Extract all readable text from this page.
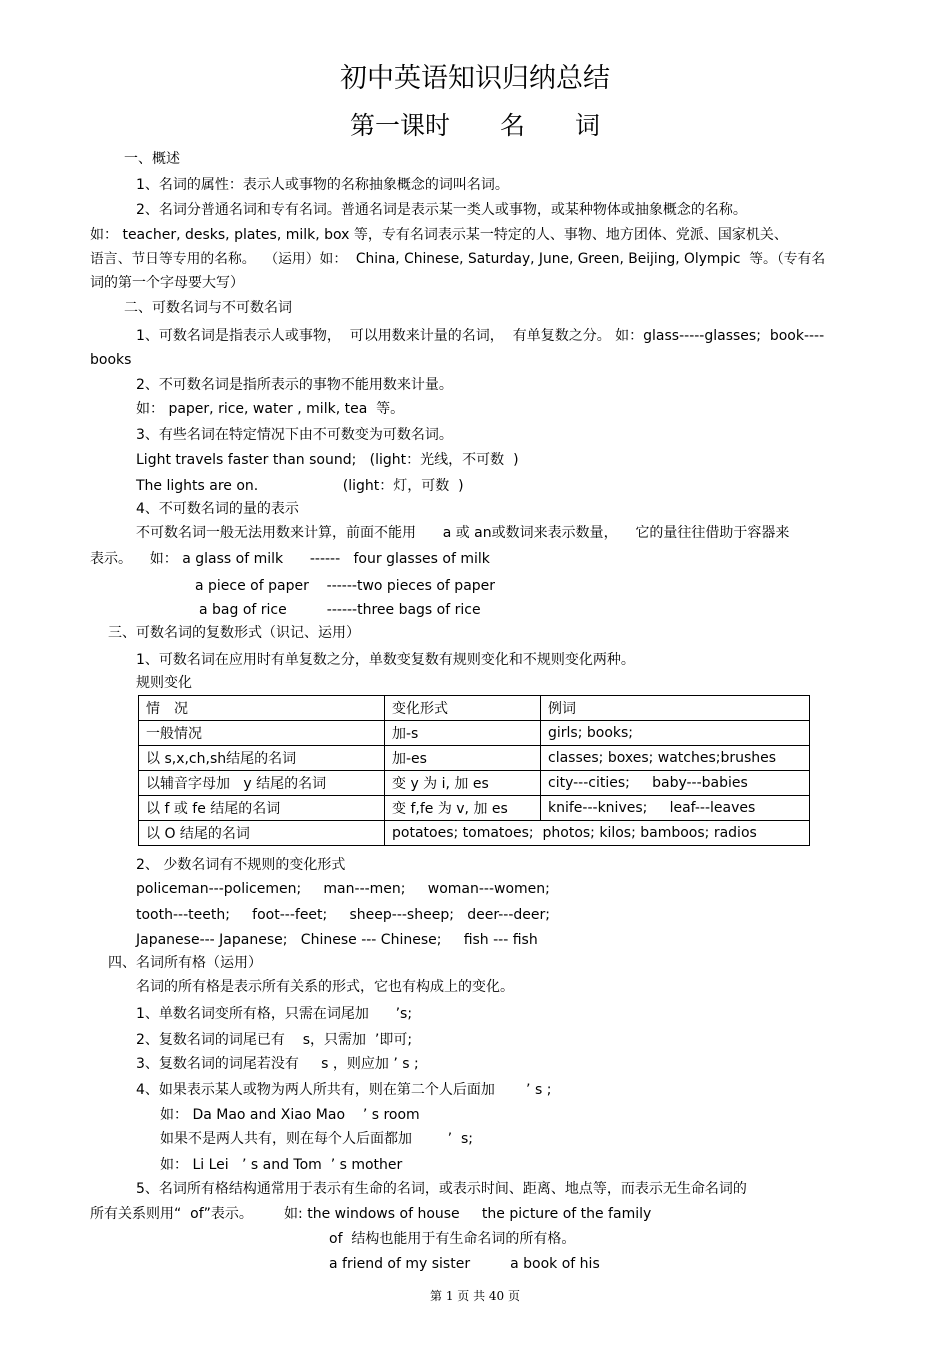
初中英语知识归纳总结
第一课时　　名　　词
一、概述
1、名词的属性：表示人或事物的名称抽象概念的词叫名词。
2、名词分普通名词和专有名词。普通名词是表示某一类人或事物，或某种物体或抽象概念的名称。
如： teacher, desks, plates, milk, box 等，专有名词表示某一特定的人、事物、地方团体、党派、国家机关、
语言、节日等专用的名称。  （运用）如：  China, Chinese, Saturday, June, Green, Beijing, Olympic  等。（专有名
词的第一个字母要大写）
二、可数名词与不可数名词
1、可数名词是指表示人或事物，  可以用数来计量的名词，  有单复数之分。 如：glass-----glasses;  book----
books
2、不可数名词是指所表示的事物不能用数来计量。
如： paper, rice, water , milk, tea  等。
3、有些名词在特定情况下由不可数变为可数名词。
Light travels faster than sound;   (light：光线，不可数  )
The lights are on.                   (light：灯，可数  )
4、不可数名词的量的表示
不可数名词一般无法用数来计算，前面不能用      a 或 an或数词来表示数量，    它的量往往借助于容器来
表示。    如： a glass of milk      ------   four glasses of milk
a piece of paper    ------two pieces of paper
a bag of rice         ------three bags of rice
三、可数名词的复数形式（识记、运用）
1、可数名词在应用时有单复数之分，单数变复数有规则变化和不规则变化两种。
规则变化
情　况	变化形式	例词
一般情况	加-s	girls; books;
以 s,x,ch,sh结尾的名词	加-es	classes; boxes; watches;brushes
以辅音字母加   y 结尾的名词	变 y 为 i, 加 es	city---cities;     baby---babies
以 f 或 fe 结尾的名词	变 f,fe 为 v, 加 es	knife---knives;     leaf---leaves
以 O 结尾的名词	potatoes; tomatoes;  photos; kilos; bamboos; radios	
2、 少数名词有不规则的变化形式
policeman---policemen;     man---men;     woman---women;
tooth---teeth;     foot---feet;     sheep---sheep;   deer---deer;
Japanese--- Japanese;   Chinese --- Chinese;     fish --- fish
四、名词所有格（运用）
名词的所有格是表示所有关系的形式，它也有构成上的变化。
1、单数名词变所有格，只需在词尾加      ’s;
2、复数名词的词尾已有    s，只需加  ’即可;
3、复数名词的词尾若没有     s ，则应加 ’ s ;
4、如果表示某人或物为两人所共有，则在第二个人后面加       ’ s ;
如： Da Mao and Xiao Mao    ’ s room
如果不是两人共有，则在每个人后面都加        ’  s;
如： Li Lei   ’ s and Tom  ’ s mother
5、名词所有格结构通常用于表示有生命的名词，或表示时间、距离、地点等，而表示无生命名词的
所有关系则用“  of”表示。       如: the windows of house     the picture of the family
of  结构也能用于有生命名词的所有格。
a friend of my sister         a book of his
第 1 页 共 40 页
